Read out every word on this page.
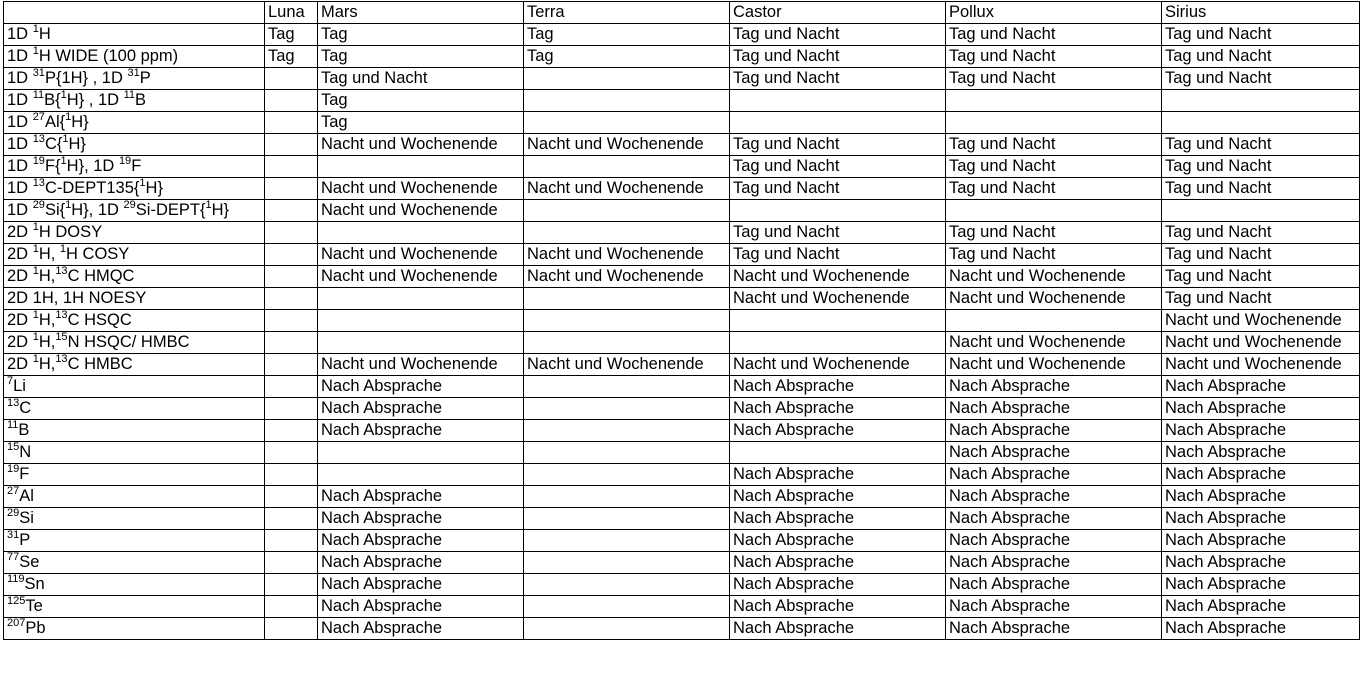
	Luna	Mars	Terra	Castor	Pollux	Sirius
1D $^1$H	Tag	Tag	Tag	Tag und Nacht	Tag und Nacht	Tag und Nacht
1D $^1$H WIDE (100 ppm)	Tag	Tag	Tag	Tag und Nacht	Tag und Nacht	Tag und Nacht
1D $^{31}$P{1H} , 1D $^{31}$P		Tag und Nacht		Tag und Nacht	Tag und Nacht	Tag und Nacht
1D $^{11}$B{$^1$H} , 1D $^{11}$B		Tag				
1D $^{27}$Al{$^1$H}		Tag				
1D $^{13}$C{$^1$H}		Nacht und Wochenende	Nacht und Wochenende	Tag und Nacht	Tag und Nacht	Tag und Nacht
1D $^{19}$F{$^1$H}, 1D $^{19}$F				Tag und Nacht	Tag und Nacht	Tag und Nacht
1D $^{13}$C-DEPT135{$^1$H}		Nacht und Wochenende	Nacht und Wochenende	Tag und Nacht	Tag und Nacht	Tag und Nacht
1D $^{29}$Si{$^1$H}, 1D $^{29}$Si-DEPT{$^1$H}		Nacht und Wochenende				
2D $^1$H DOSY				Tag und Nacht	Tag und Nacht	Tag und Nacht
2D $^1$H, $^1$H COSY		Nacht und Wochenende	Nacht und Wochenende	Tag und Nacht	Tag und Nacht	Tag und Nacht
2D $^1$H,$^{13}$C HMQC		Nacht und Wochenende	Nacht und Wochenende	Nacht und Wochenende	Nacht und Wochenende	Tag und Nacht
2D 1H, 1H NOESY				Nacht und Wochenende	Nacht und Wochenende	Tag und Nacht
2D $^1$H,$^{13}$C HSQC						Nacht und Wochenende
2D $^1$H,$^{15}$N HSQC/ HMBC					Nacht und Wochenende	Nacht und Wochenende
2D $^1$H,$^{13}$C HMBC		Nacht und Wochenende	Nacht und Wochenende	Nacht und Wochenende	Nacht und Wochenende	Nacht und Wochenende
$^7$Li		Nach Absprache		Nach Absprache	Nach Absprache	Nach Absprache
$^{13}$C		Nach Absprache		Nach Absprache	Nach Absprache	Nach Absprache
$^{11}$B		Nach Absprache		Nach Absprache	Nach Absprache	Nach Absprache
$^{15}$N					Nach Absprache	Nach Absprache
$^{19}$F				Nach Absprache	Nach Absprache	Nach Absprache
$^{27}$Al		Nach Absprache		Nach Absprache	Nach Absprache	Nach Absprache
$^{29}$Si		Nach Absprache		Nach Absprache	Nach Absprache	Nach Absprache
$^{31}$P		Nach Absprache		Nach Absprache	Nach Absprache	Nach Absprache
$^{77}$Se		Nach Absprache		Nach Absprache	Nach Absprache	Nach Absprache
$^{119}$Sn		Nach Absprache		Nach Absprache	Nach Absprache	Nach Absprache
$^{125}$Te		Nach Absprache		Nach Absprache	Nach Absprache	Nach Absprache
$^{207}$Pb		Nach Absprache		Nach Absprache	Nach Absprache	Nach Absprache
